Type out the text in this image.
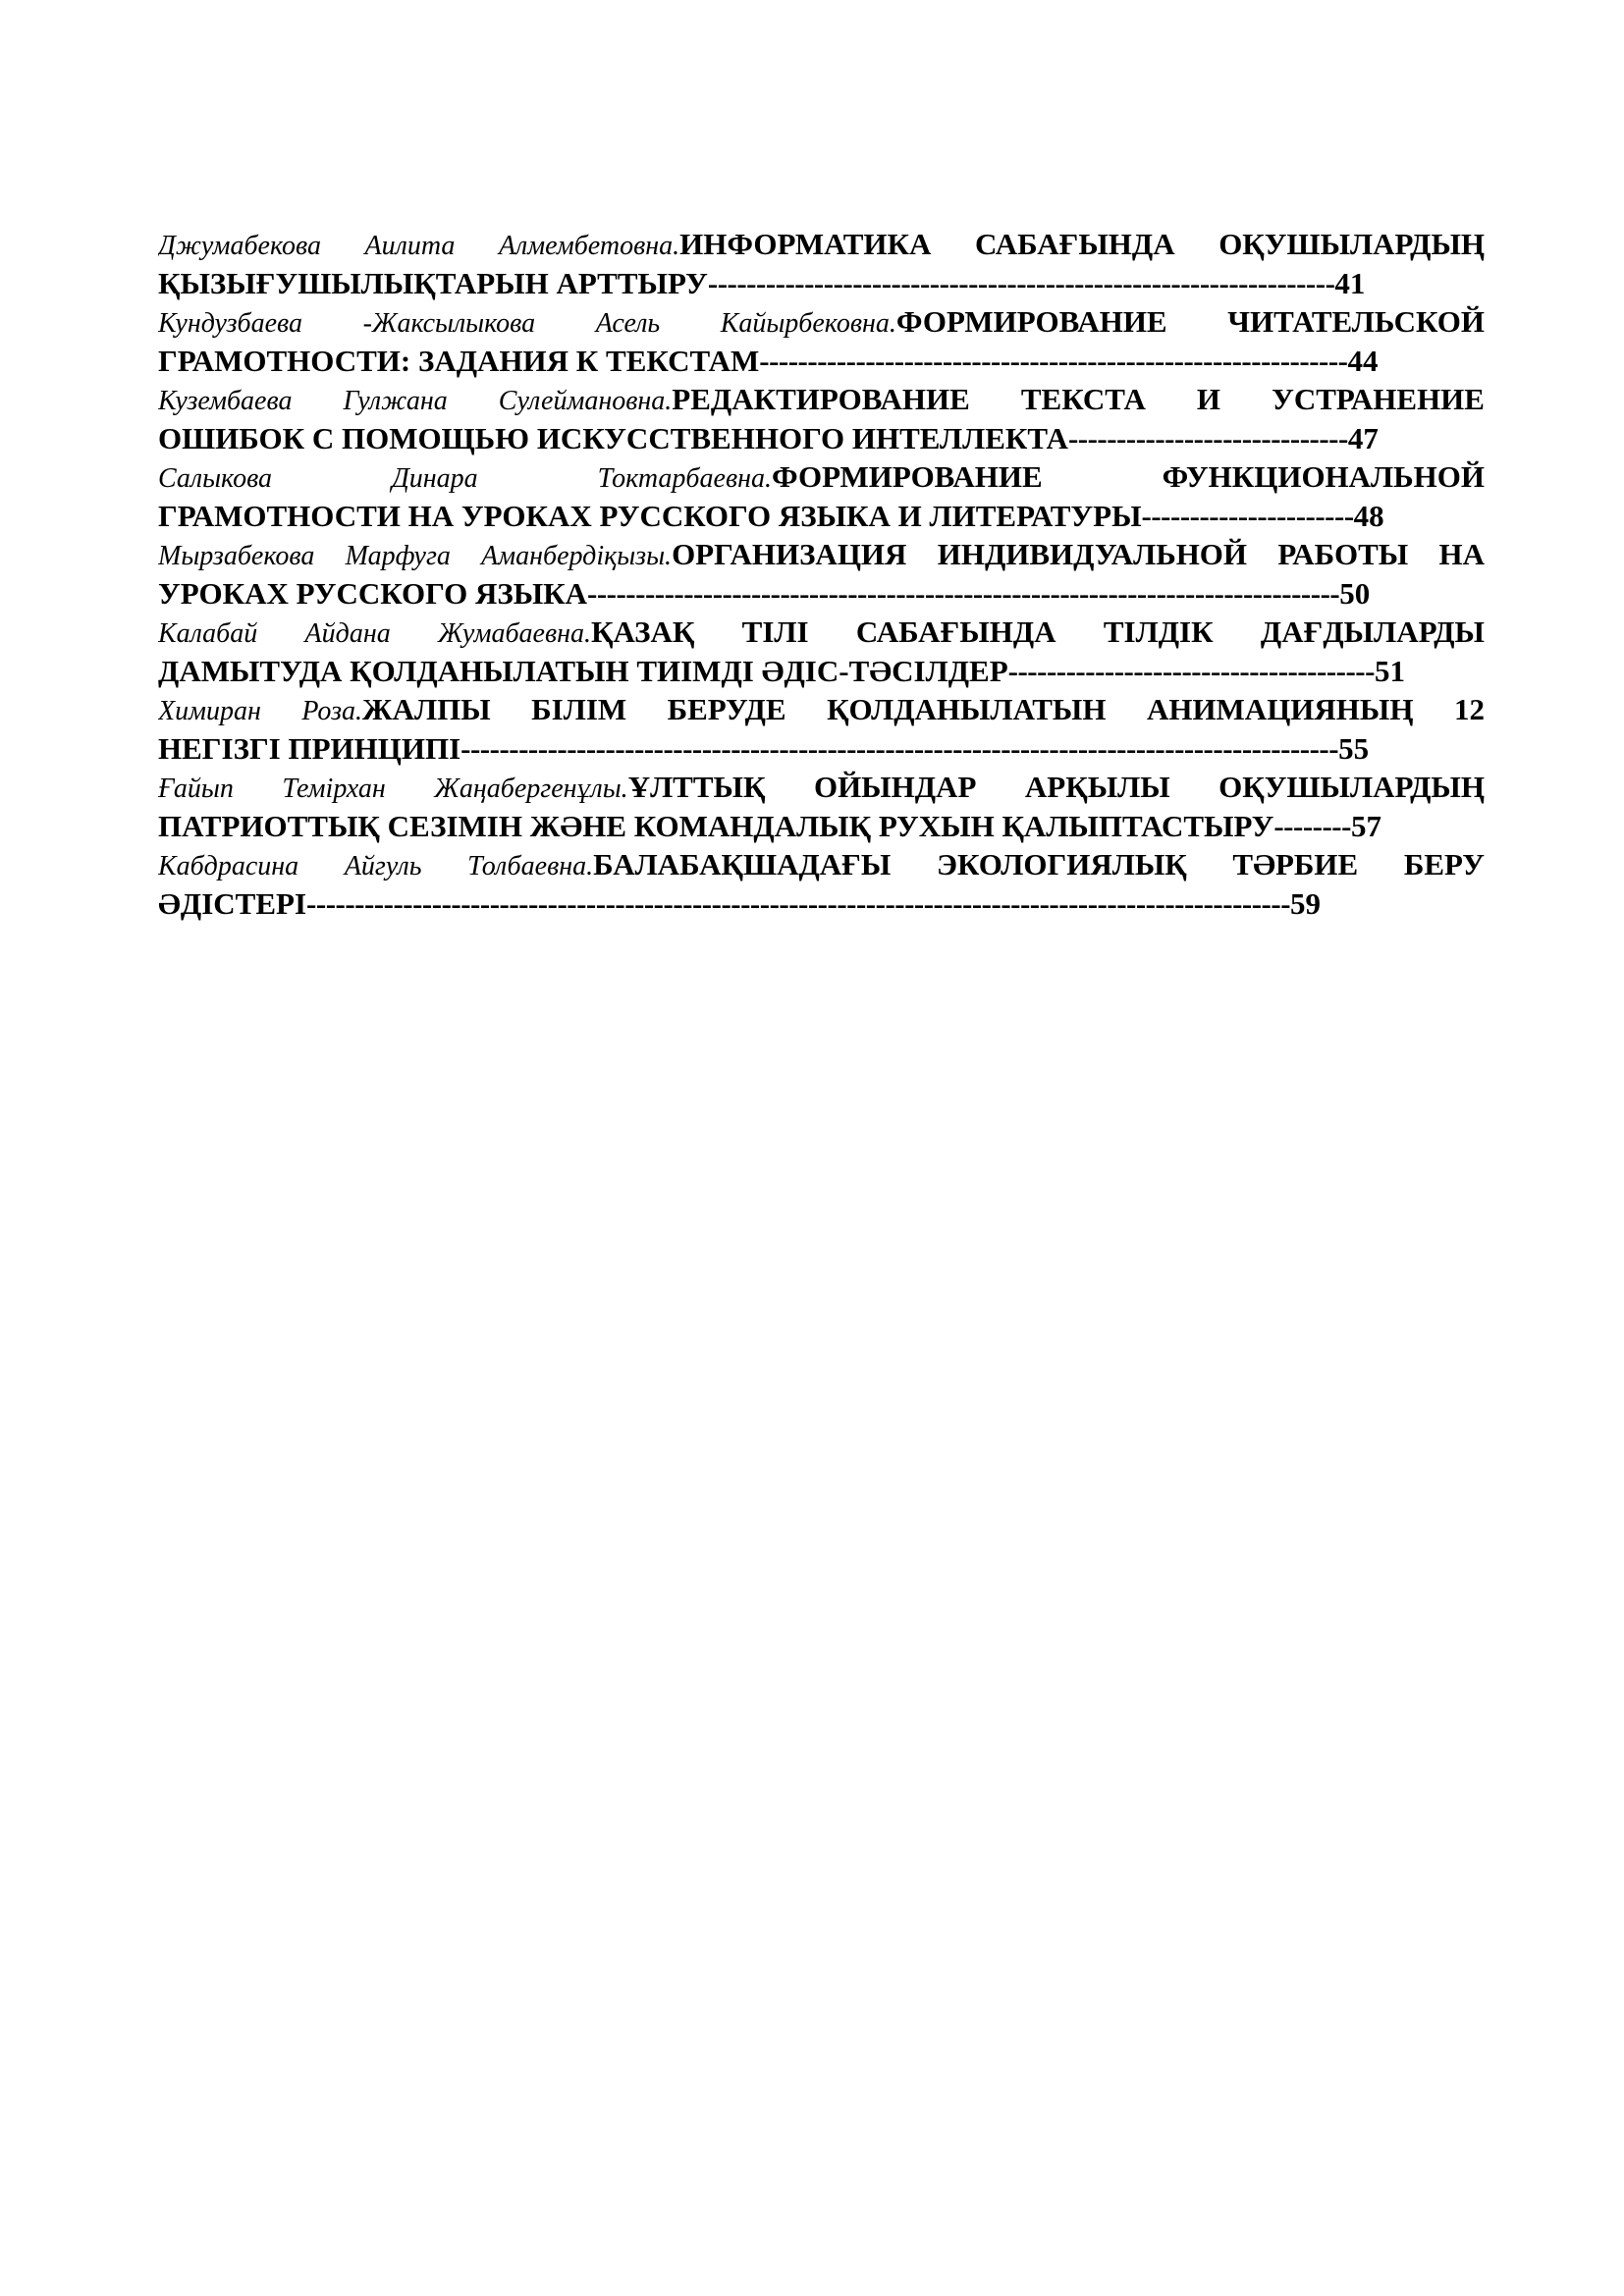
Джумабекова Аилита Алмембетовна.ИНФОРМАТИКА САБАҒЫНДА ОҚУШЫЛАРДЫҢ
ҚЫЗЫҒУШЫЛЫҚТАРЫН АРТТЫРУ-----------------------------------------------------------------41
Кундузбаева -Жаксылыкова Асель Кайырбековна.ФОРМИРОВАНИЕ ЧИТАТЕЛЬСКОЙ
ГРАМОТНОСТИ: ЗАДАНИЯ К ТЕКСТАМ-------------------------------------------------------------44
Кузембаева Гулжана Сулейманoвна.РЕДАКТИРОВАНИЕ ТЕКСТА И УСТРАНЕНИЕ
ОШИБОК С ПОМОЩЬЮ ИСКУССТВЕННОГО ИНТЕЛЛЕКТА-----------------------------47
Салыкова	Динара	Токтарбаевна.ФОРМИРОВАНИЕ	ФУНКЦИОНАЛЬНОЙ
ГРАМОТНОСТИ НА УРОКАХ РУССКОГО ЯЗЫКА И ЛИТЕРАТУРЫ----------------------48
Мырзабекова Марфуга Аманбердіқызы.ОРГАНИЗАЦИЯ ИНДИВИДУАЛЬНОЙ РАБОТЫ НА
УРОКАХ РУССКОГО ЯЗЫКА------------------------------------------------------------------------------50
Калабай Айдана Жумабаевна.ҚАЗАҚ ТІЛІ САБАҒЫНДА ТІЛДІК ДАҒДЫЛАРДЫ
ДАМЫТУДА ҚОЛДАНЫЛАТЫН ТИІМДІ ӘДІС-ТӘСІЛДЕР--------------------------------------51
Химиран Роза.ЖАЛПЫ БІЛІМ БЕРУДЕ ҚОЛДАНЫЛАТЫН АНИМАЦИЯНЫҢ 12
НЕГІЗГІ ПРИНЦИПІ-------------------------------------------------------------------------------------------55
Ғайып Темірхан Жаңабергенұлы.ҰЛТТЫҚ ОЙЫНДАР АРҚЫЛЫ ОҚУШЫЛАРДЫҢ
ПАТРИОТТЫҚ СЕЗІМІН ЖӘНЕ КОМАНДАЛЫҚ РУХЫН ҚАЛЫПТАСТЫРУ--------57
Кабдрасина Айгуль Толбаевна.БАЛАБАҚШАДАҒЫ ЭКОЛОГИЯЛЫҚ ТӘРБИЕ БЕРУ
ӘДІСТЕРІ------------------------------------------------------------------------------------------------------59
